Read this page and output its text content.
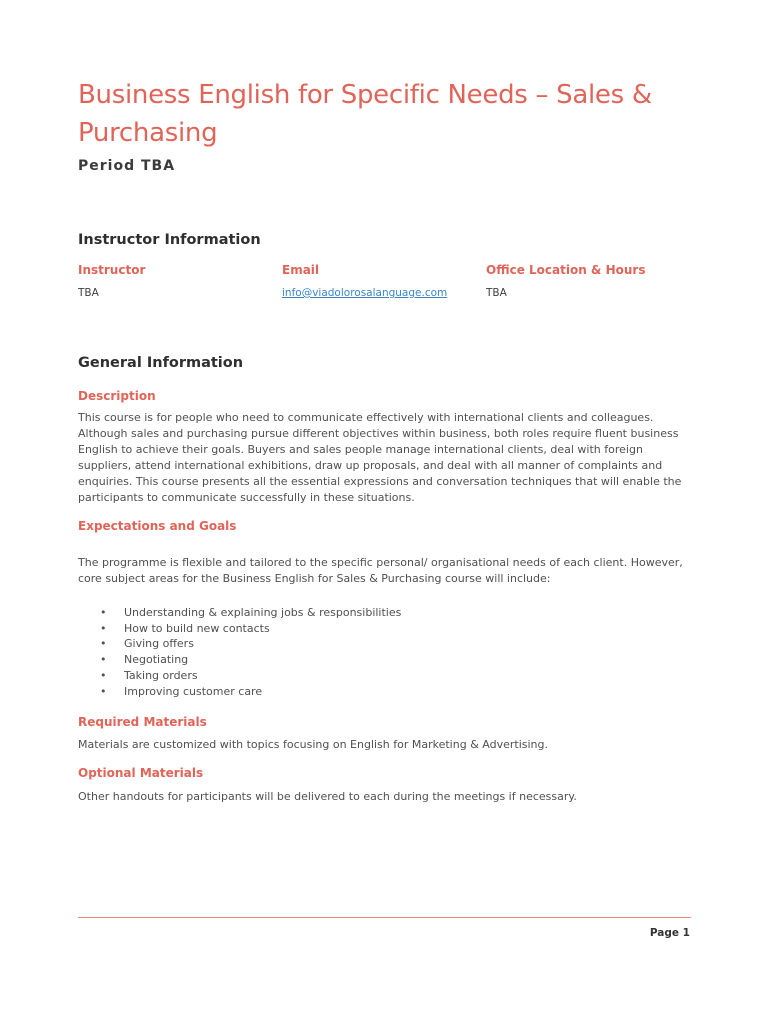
Business English for Specific Needs – Sales & Purchasing
Period TBA
Instructor Information
Instructor
TBA
Email
info@viadolorosalanguage.com
Office Location & Hours
TBA
General Information
Description

This course is for people who need to communicate effectively with international clients and colleagues. Although sales and purchasing pursue different objectives within business, both roles require fluent business English to achieve their goals. Buyers and sales people manage international clients, deal with foreign suppliers, attend international exhibitions, draw up proposals, and deal with all manner of complaints and enquiries. This course presents all the essential expressions and conversation techniques that will enable the participants to communicate successfully in these situations.

Expectations and Goals

The programme is flexible and tailored to the specific personal/ organisational needs of each client. However, core subject areas for the Business English for Sales & Purchasing course will include:

• Understanding & explaining jobs & responsibilities
• How to build new contacts
• Giving offers
• Negotiating
• Taking orders
• Improving customer care
Required Materials

Materials are customized with topics focusing on English for Marketing & Advertising.

Optional Materials

Other handouts for participants will be delivered to each during the meetings if necessary.

Page 1
